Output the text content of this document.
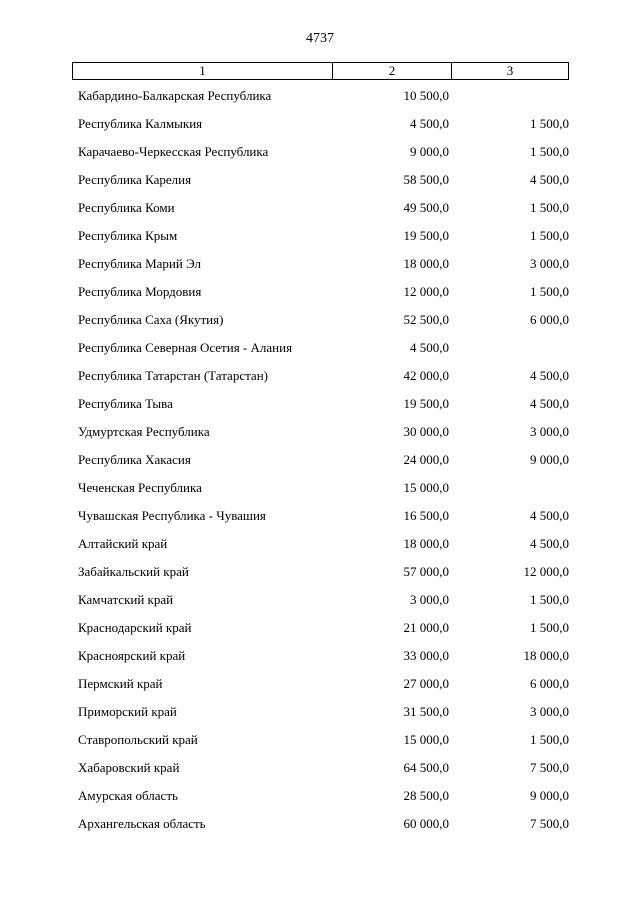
4737
1	2	3
Кабардино-Балкарская Республика	10 500,0
Республика Калмыкия	4 500,0	1 500,0
Карачаево-Черкесская Республика	9 000,0	1 500,0
Республика Карелия	58 500,0	4 500,0
Республика Коми	49 500,0	1 500,0
Республика Крым	19 500,0	1 500,0
Республика Марий Эл	18 000,0	3 000,0
Республика Мордовия	12 000,0	1 500,0
Республика Саха (Якутия)	52 500,0	6 000,0
Республика Северная Осетия - Алания	4 500,0
Республика Татарстан (Татарстан)	42 000,0	4 500,0
Республика Тыва	19 500,0	4 500,0
Удмуртская Республика	30 000,0	3 000,0
Республика Хакасия	24 000,0	9 000,0
Чеченская Республика	15 000,0
Чувашская Республика - Чувашия	16 500,0	4 500,0
Алтайский край	18 000,0	4 500,0
Забайкальский край	57 000,0	12 000,0
Камчатский край	3 000,0	1 500,0
Краснодарский край	21 000,0	1 500,0
Красноярский край	33 000,0	18 000,0
Пермский край	27 000,0	6 000,0
Приморский край	31 500,0	3 000,0
Ставропольский край	15 000,0	1 500,0
Хабаровский край	64 500,0	7 500,0
Амурская область	28 500,0	9 000,0
Архангельская область	60 000,0	7 500,0
